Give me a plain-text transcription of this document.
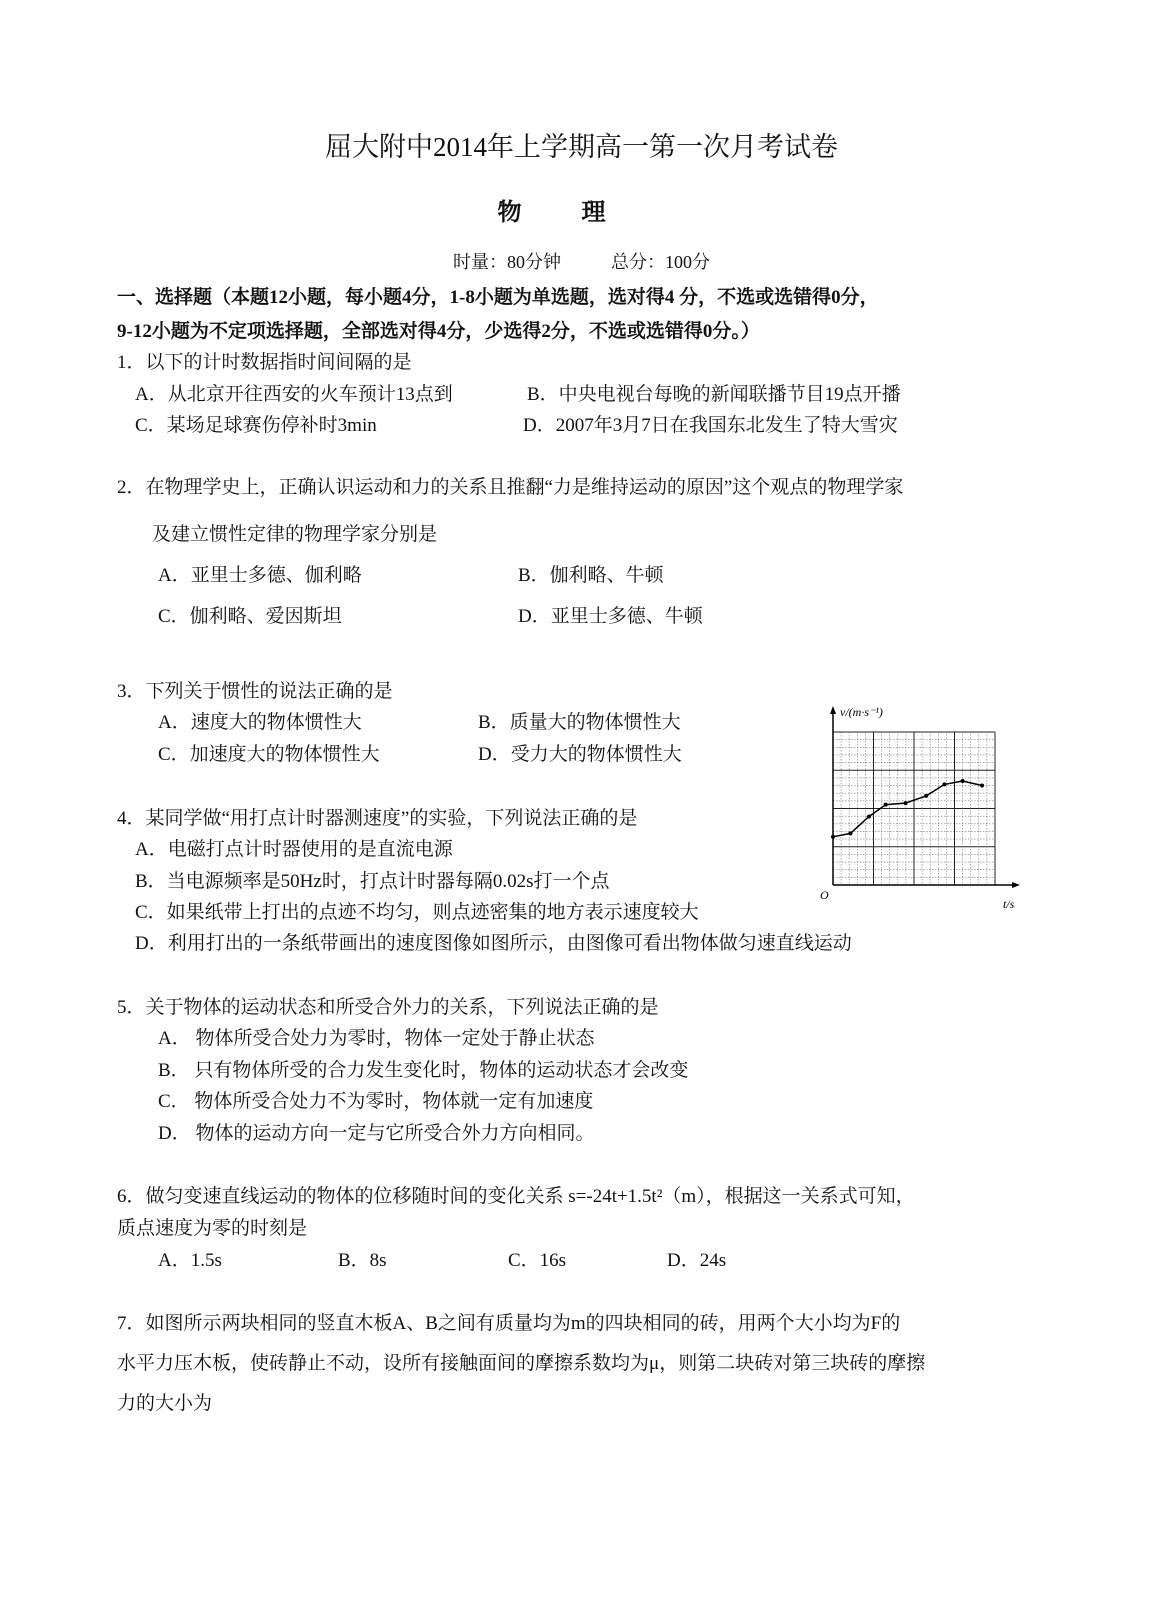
屈大附中2014年上学期高一第一次月考试卷
物理
时量：80分钟	总分：100分
一、选择题（本题12小题，每小题4分，1-8小题为单选题，选对得4 分，不选或选错得0分，
9-12小题为不定项选择题，全部选对得4分，少选得2分，不选或选错得0分。）
1．以下的计时数据指时间间隔的是
A．从北京开往西安的火车预计13点到	B．中央电视台每晚的新闻联播节目19点开播
C．某场足球赛伤停补时3min	D．2007年3月7日在我国东北发生了特大雪灾
2．在物理学史上，正确认识运动和力的关系且推翻“力是维持运动的原因”这个观点的物理学家
及建立惯性定律的物理学家分别是
A．亚里士多德、伽利略	B．伽利略、牛顿
C．伽利略、爱因斯坦	D．亚里士多德、牛顿
3．下列关于惯性的说法正确的是
A．速度大的物体惯性大	B．质量大的物体惯性大
C．加速度大的物体惯性大	D．受力大的物体惯性大
4．某同学做“用打点计时器测速度”的实验，下列说法正确的是
A．电磁打点计时器使用的是直流电源
B．当电源频率是50Hz时，打点计时器每隔0.02s打一个点
C．如果纸带上打出的点迹不均匀，则点迹密集的地方表示速度较大
D．利用打出的一条纸带画出的速度图像如图所示，由图像可看出物体做匀速直线运动
5．关于物体的运动状态和所受合外力的关系，下列说法正确的是
A． 物体所受合处力为零时，物体一定处于静止状态
B． 只有物体所受的合力发生变化时，物体的运动状态才会改变
C． 物体所受合处力不为零时，物体就一定有加速度
D． 物体的运动方向一定与它所受合外力方向相同。
6．做匀变速直线运动的物体的位移随时间的变化关系 s=-24t+1.5t²（m），根据这一关系式可知，
质点速度为零的时刻是
A．1.5s	B．8s	C．16s	D．24s
7．如图所示两块相同的竖直木板A、B之间有质量均为m的四块相同的砖，用两个大小均为F的
水平力压木板，使砖静止不动，设所有接触面间的摩擦系数均为μ，则第二块砖对第三块砖的摩擦
力的大小为
v/(m·s⁻¹)
O
t/s
